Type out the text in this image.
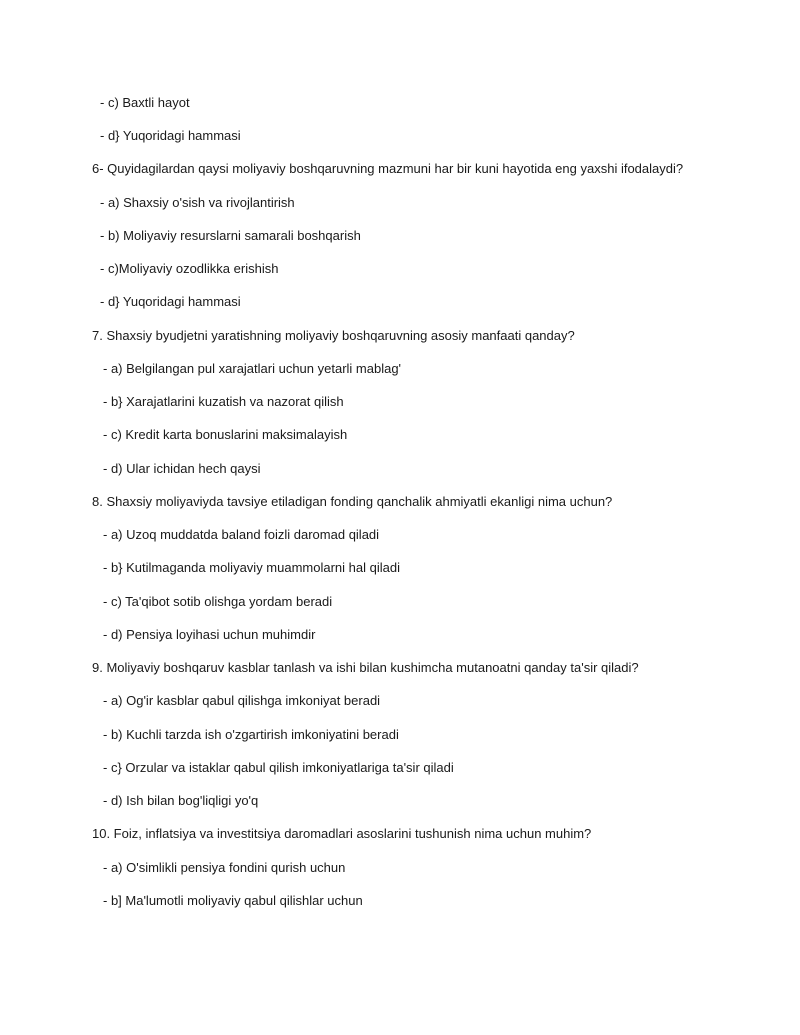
- c) Baxtli hayot
- d} Yuqoridagi hammasi
6- Quyidagilardan qaysi moliyaviy boshqaruvning mazmuni har bir kuni hayotida eng yaxshi ifodalaydi?
- a) Shaxsiy o'sish va rivojlantirish
- b) Moliyaviy resurslarni samarali boshqarish
- c)Moliyaviy ozodlikka erishish
- d} Yuqoridagi hammasi
7. Shaxsiy byudjetni yaratishning moliyaviy boshqaruvning asosiy manfaati qanday?
- a) Belgilangan pul xarajatlari uchun yetarli mablag'
- b} Xarajatlarini kuzatish va nazorat qilish
- c) Kredit karta bonuslarini maksimalayish
- d) Ular ichidan hech qaysi
8. Shaxsiy moliyaviyda tavsiye etiladigan fonding qanchalik ahmiyatli ekanligi nima uchun?
- a) Uzoq muddatda baland foizli daromad qiladi
- b} Kutilmaganda moliyaviy muammolarni hal qiladi
- c) Ta'qibot sotib olishga yordam beradi
- d) Pensiya loyihasi uchun muhimdir
9. Moliyaviy boshqaruv kasblar tanlash va ishi bilan kushimcha mutanoatni qanday ta'sir qiladi?
- a) Og'ir kasblar qabul qilishga imkoniyat beradi
- b) Kuchli tarzda ish o'zgartirish imkoniyatini beradi
- c} Orzular va istaklar qabul qilish imkoniyatlariga ta'sir qiladi
- d) Ish bilan bog'liqligi yo'q
10. Foiz, inflatsiya va investitsiya daromadlari asoslarini tushunish nima uchun muhim?
- a) O'simlikli pensiya fondini qurish uchun
- b] Ma'lumotli moliyaviy qabul qilishlar uchun
